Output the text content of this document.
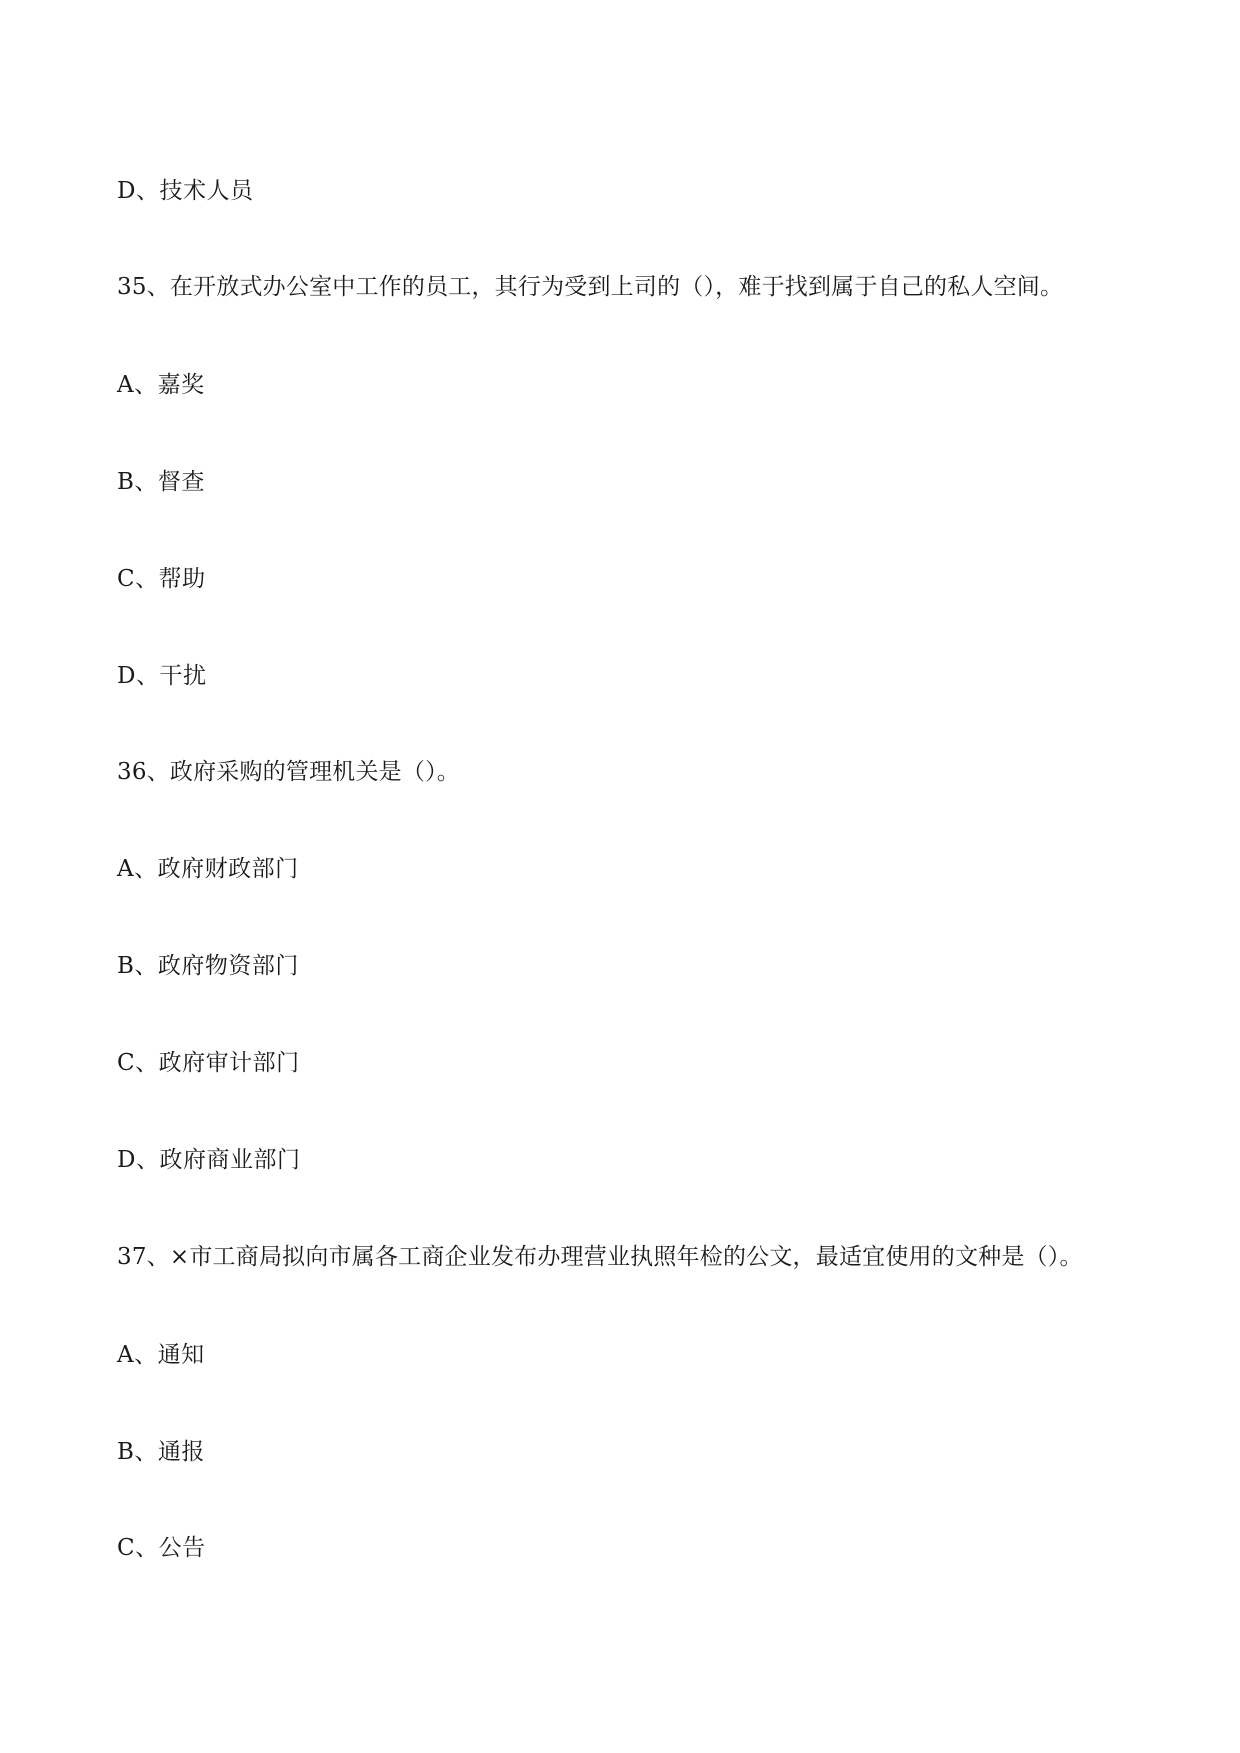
D、技术人员
35、在开放式办公室中工作的员工，其行为受到上司的（），难于找到属于自己的私人空间。
A、嘉奖
B、督查
C、帮助
D、干扰
36、政府采购的管理机关是（）。
A、政府财政部门
B、政府物资部门
C、政府审计部门
D、政府商业部门
37、×市工商局拟向市属各工商企业发布办理营业执照年检的公文，最适宜使用的文种是（）。
A、通知
B、通报
C、公告
